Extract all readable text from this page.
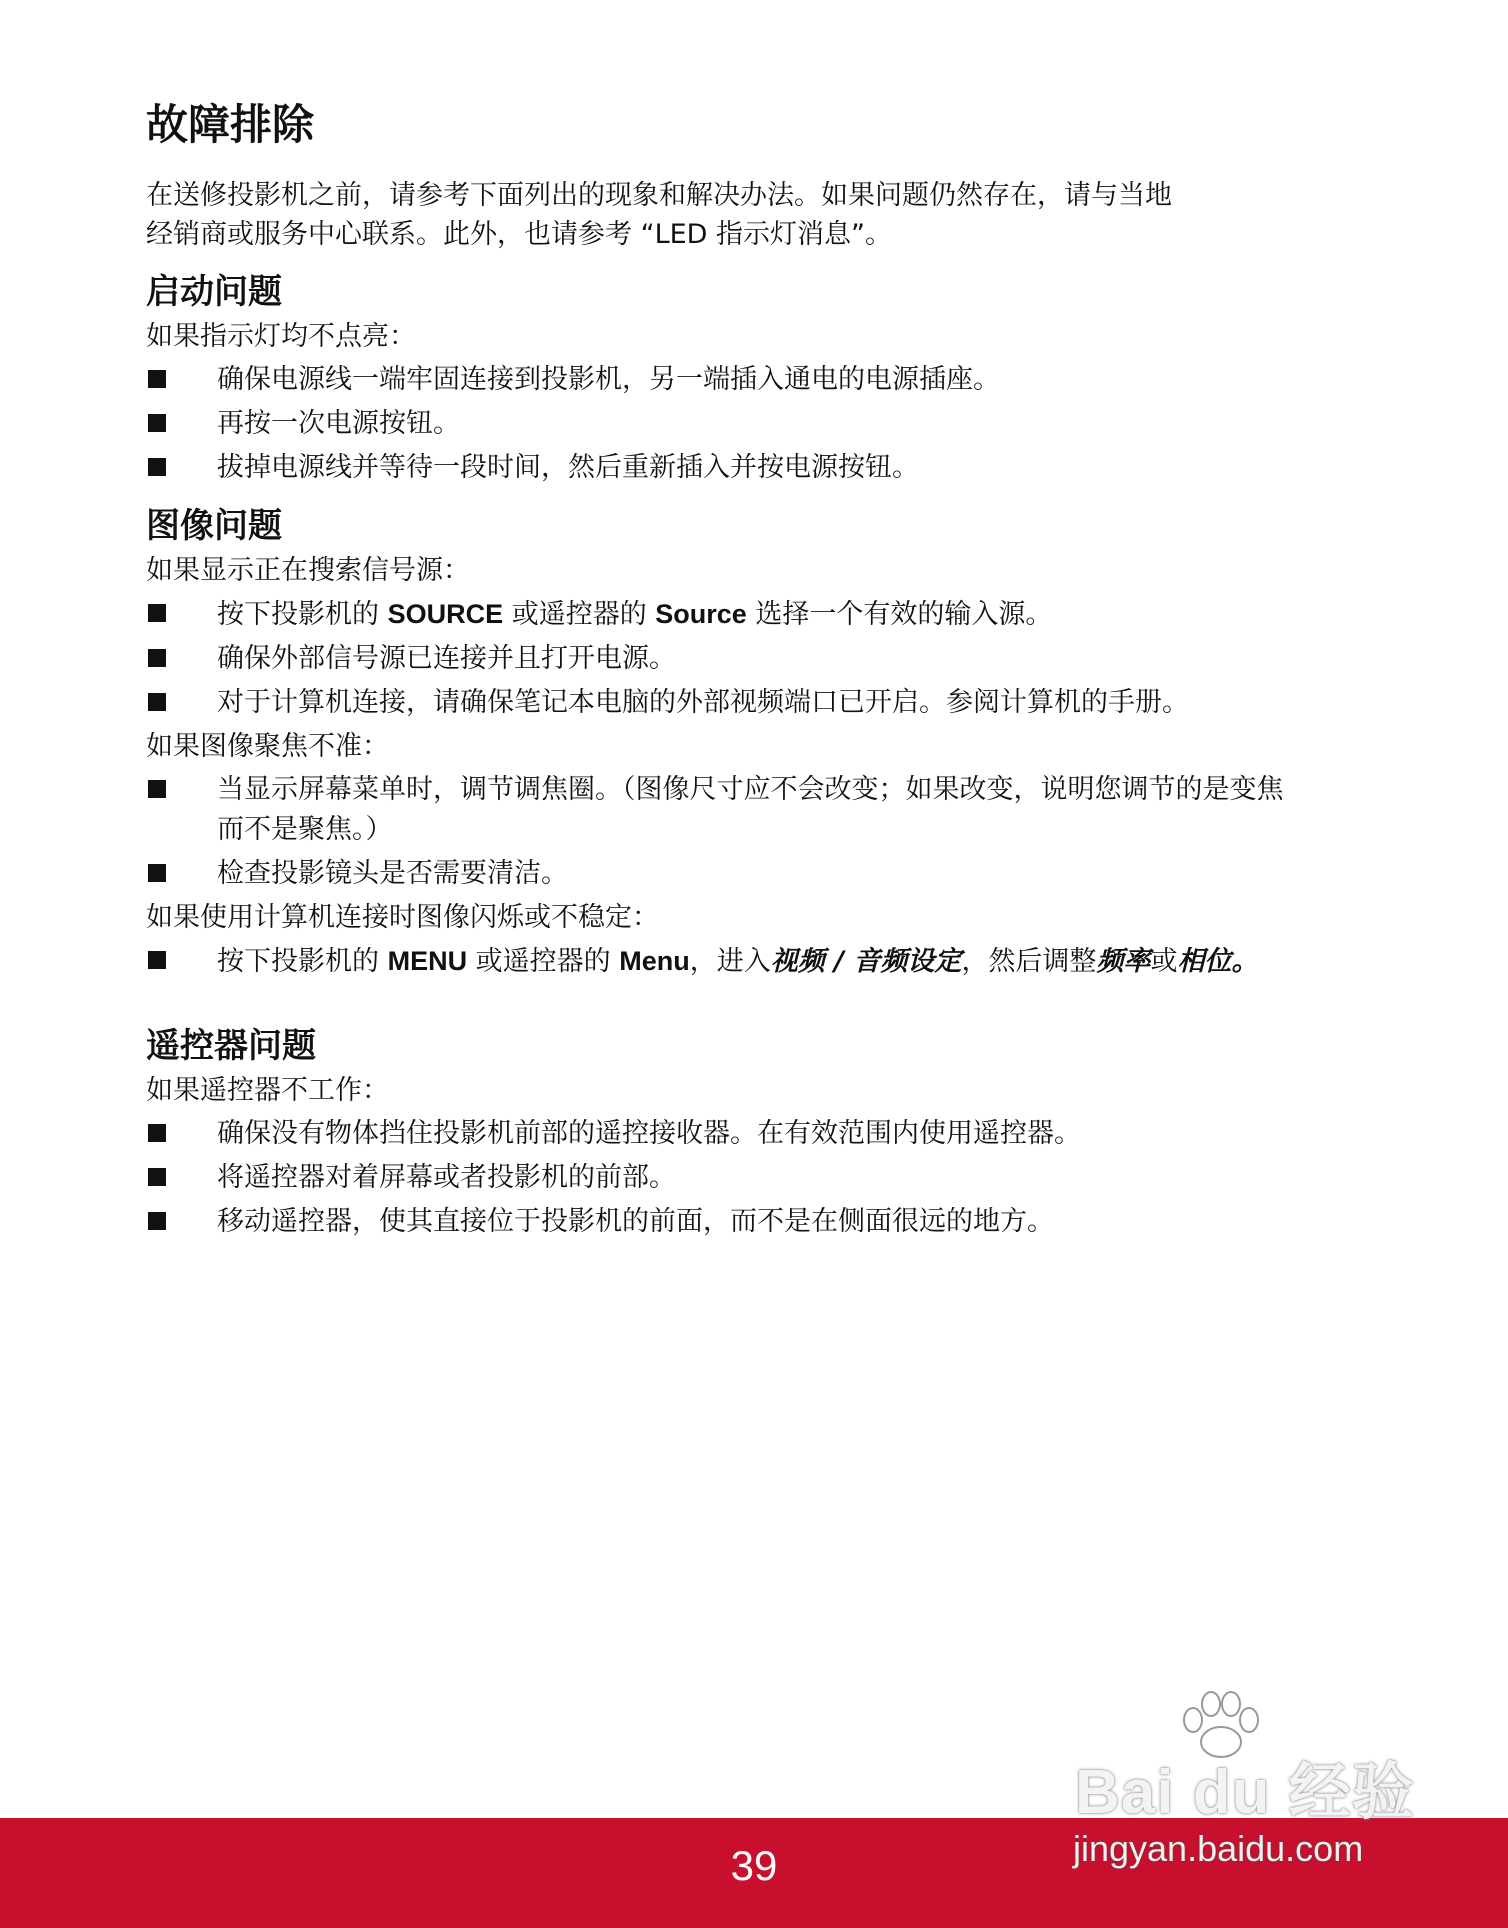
故障排除

在送修投影机之前，请参考下面列出的现象和解决办法。如果问题仍然存在，请与当地

经销商或服务中心联系。此外，也请参考 “LED 指示灯消息”。

启动问题

如果指示灯均不点亮：

确保电源线一端牢固连接到投影机，另一端插入通电的电源插座。
再按一次电源按钮。
拔掉电源线并等待一段时间，然后重新插入并按电源按钮。
图像问题

如果显示正在搜索信号源：

按下投影机的 SOURCE 或遥控器的 Source 选择一个有效的输入源。
确保外部信号源已连接并且打开电源。
对于计算机连接，请确保笔记本电脑的外部视频端口已开启。参阅计算机的手册。

如果图像聚焦不准：

当显示屏幕菜单时，调节调焦圈。（图像尺寸应不会改变；如果改变，说明您调节的是变焦而不是聚焦。）
检查投影镜头是否需要清洁。

如果使用计算机连接时图像闪烁或不稳定：

按下投影机的 MENU 或遥控器的 Menu，进入视频 / 音频设定，然后调整频率或相位。
遥控器问题

如果遥控器不工作：

确保没有物体挡住投影机前部的遥控接收器。在有效范围内使用遥控器。
将遥控器对着屏幕或者投影机的前部。
移动遥控器，使其直接位于投影机的前面，而不是在侧面很远的地方。
39
Bai du 经验
jingyan.baidu.com
